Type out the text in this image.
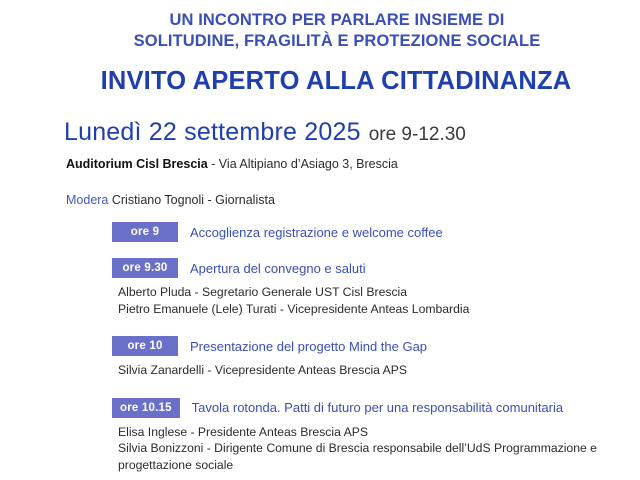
UN INCONTRO PER PARLARE INSIEME DI
SOLITUDINE, FRAGILITÀ E PROTEZIONE SOCIALE
INVITO APERTO ALLA CITTADINANZA
Lunedì 22 settembre 2025 ore 9-12.30
Auditorium Cisl Brescia - Via Altipiano d’Asiago 3, Brescia
Modera Cristiano Tognoli - Giornalista
ore 9	Accoglienza registrazione e welcome coffee
ore 9.30	Apertura del convegno e saluti
Alberto Pluda - Segretario Generale UST Cisl Brescia
Pietro Emanuele (Lele) Turati - Vicepresidente Anteas Lombardia
ore 10	Presentazione del progetto Mind the Gap
Silvia Zanardelli - Vicepresidente Anteas Brescia APS
ore 10.15	Tavola rotonda. Patti di futuro per una responsabilità comunitaria
Elisa Inglese - Presidente Anteas Brescia APS
Silvia Bonizzoni - Dirigente Comune di Brescia responsabile dell’UdS Programmazione e progettazione sociale
